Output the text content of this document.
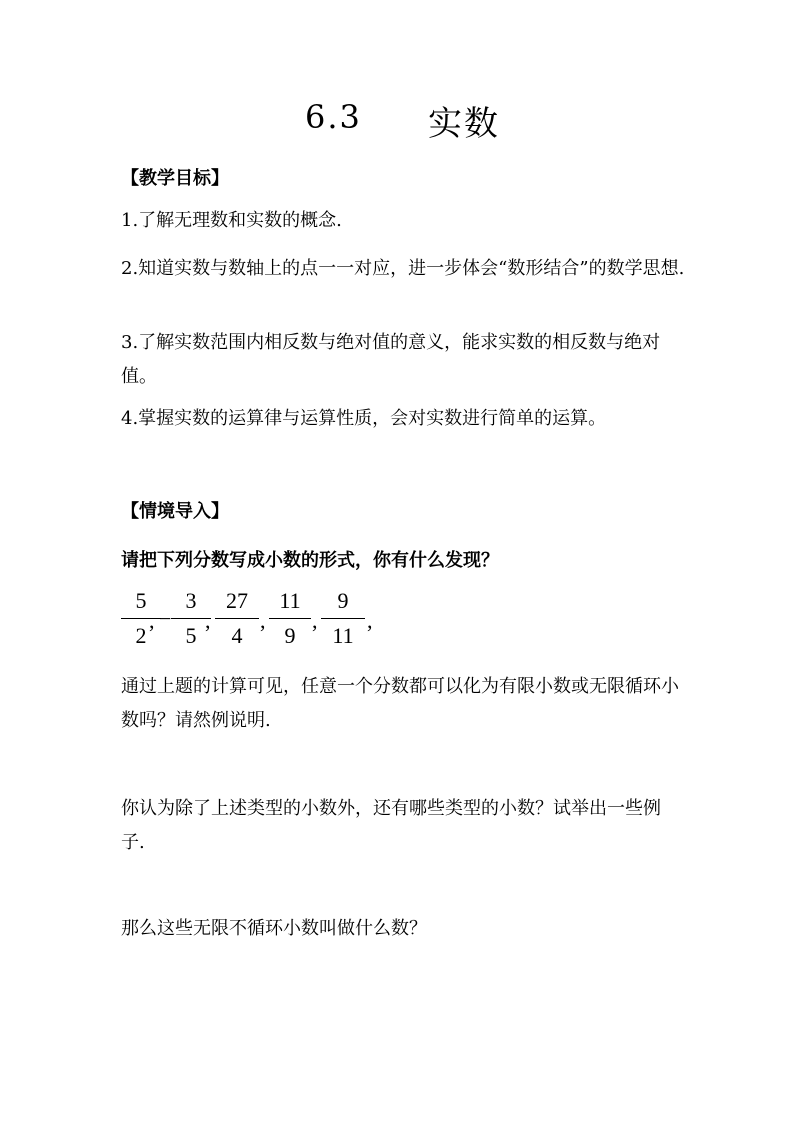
6.3 实数
【教学目标】
1.了解无理数和实数的概念.
2.知道实数与数轴上的点一一对应，进一步体会“数形结合”的数学思想.
3.了解实数范围内相反数与绝对值的意义，能求实数的相反数与绝对值。
4.掌握实数的运算律与运算性质，会对实数进行简单的运算。
【情境导入】
请把下列分数写成小数的形式，你有什么发现？
5
2
, −
3
5
,
27
4
,
11
9
,
9
11
,
通过上题的计算可见，任意一个分数都可以化为有限小数或无限循环小数吗？请然例说明.
你认为除了上述类型的小数外，还有哪些类型的小数？试举出一些例子.
那么这些无限不循环小数叫做什么数？
